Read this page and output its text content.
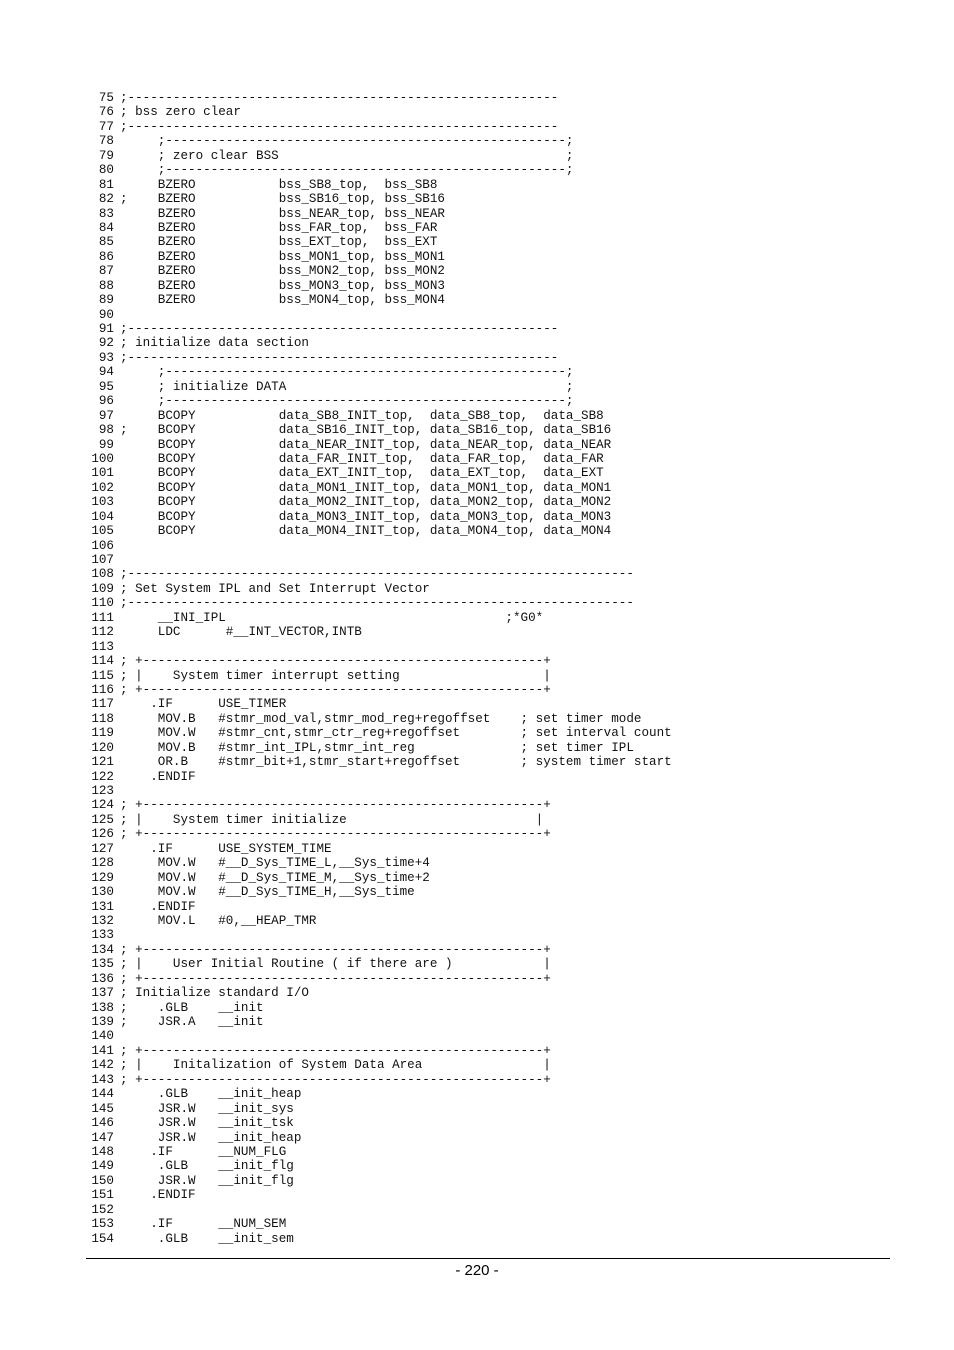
75 ;---------------------------------------------------------
76 ; bss zero clear
77 ;---------------------------------------------------------
78 ;-----------------------------------------------------;
79 ; zero clear BSS                                      ;
80 ;-----------------------------------------------------;
81 BZERO           bss_SB8_top,  bss_SB8
82 ;    BZERO           bss_SB16_top, bss_SB16
83 BZERO           bss_NEAR_top, bss_NEAR
84 BZERO           bss_FAR_top,  bss_FAR
85 BZERO           bss_EXT_top,  bss_EXT
86 BZERO           bss_MON1_top, bss_MON1
87 BZERO           bss_MON2_top, bss_MON2
88 BZERO           bss_MON3_top, bss_MON3
89 BZERO           bss_MON4_top, bss_MON4
90
91 ;---------------------------------------------------------
92 ; initialize data section
93 ;---------------------------------------------------------
94 ;-----------------------------------------------------;
95 ; initialize DATA                                     ;
96 ;-----------------------------------------------------;
97 BCOPY           data_SB8_INIT_top,  data_SB8_top,  data_SB8
98 ;    BCOPY           data_SB16_INIT_top, data_SB16_top, data_SB16
99 BCOPY           data_NEAR_INIT_top, data_NEAR_top, data_NEAR
100 BCOPY           data_FAR_INIT_top,  data_FAR_top,  data_FAR
101 BCOPY           data_EXT_INIT_top,  data_EXT_top,  data_EXT
102 BCOPY           data_MON1_INIT_top, data_MON1_top, data_MON1
103 BCOPY           data_MON2_INIT_top, data_MON2_top, data_MON2
104 BCOPY           data_MON3_INIT_top, data_MON3_top, data_MON3
105 BCOPY           data_MON4_INIT_top, data_MON4_top, data_MON4
106
107
108 ;-------------------------------------------------------------------
109 ; Set System IPL and Set Interrupt Vector
110 ;-------------------------------------------------------------------
111 __INI_IPL                                     ;*G0*
112 LDC      #__INT_VECTOR,INTB
113
114 ; +-----------------------------------------------------+
115 ; |    System timer interrupt setting                   |
116 ; +-----------------------------------------------------+
117 .IF      USE_TIMER
118 MOV.B   #stmr_mod_val,stmr_mod_reg+regoffset    ; set timer mode
119 MOV.W   #stmr_cnt,stmr_ctr_reg+regoffset        ; set interval count
120 MOV.B   #stmr_int_IPL,stmr_int_reg              ; set timer IPL
121 OR.B    #stmr_bit+1,stmr_start+regoffset        ; system timer start
122 .ENDIF
123
124 ; +-----------------------------------------------------+
125 ; |    System timer initialize                         |
126 ; +-----------------------------------------------------+
127 .IF      USE_SYSTEM_TIME
128 MOV.W   #__D_Sys_TIME_L,__Sys_time+4
129 MOV.W   #__D_Sys_TIME_M,__Sys_time+2
130 MOV.W   #__D_Sys_TIME_H,__Sys_time
131 .ENDIF
132 MOV.L   #0,__HEAP_TMR
133
134 ; +-----------------------------------------------------+
135 ; |    User Initial Routine ( if there are )            |
136 ; +-----------------------------------------------------+
137 ; Initialize standard I/O
138 ;    .GLB    __init
139 ;    JSR.A   __init
140
141 ; +-----------------------------------------------------+
142 ; |    Initalization of System Data Area                |
143 ; +-----------------------------------------------------+
144 .GLB    __init_heap
145 JSR.W   __init_sys
146 JSR.W   __init_tsk
147 JSR.W   __init_heap
148 .IF      __NUM_FLG
149 .GLB    __init_flg
150 JSR.W   __init_flg
151 .ENDIF
152
153 .IF      __NUM_SEM
154 .GLB    __init_sem
- 220 -
